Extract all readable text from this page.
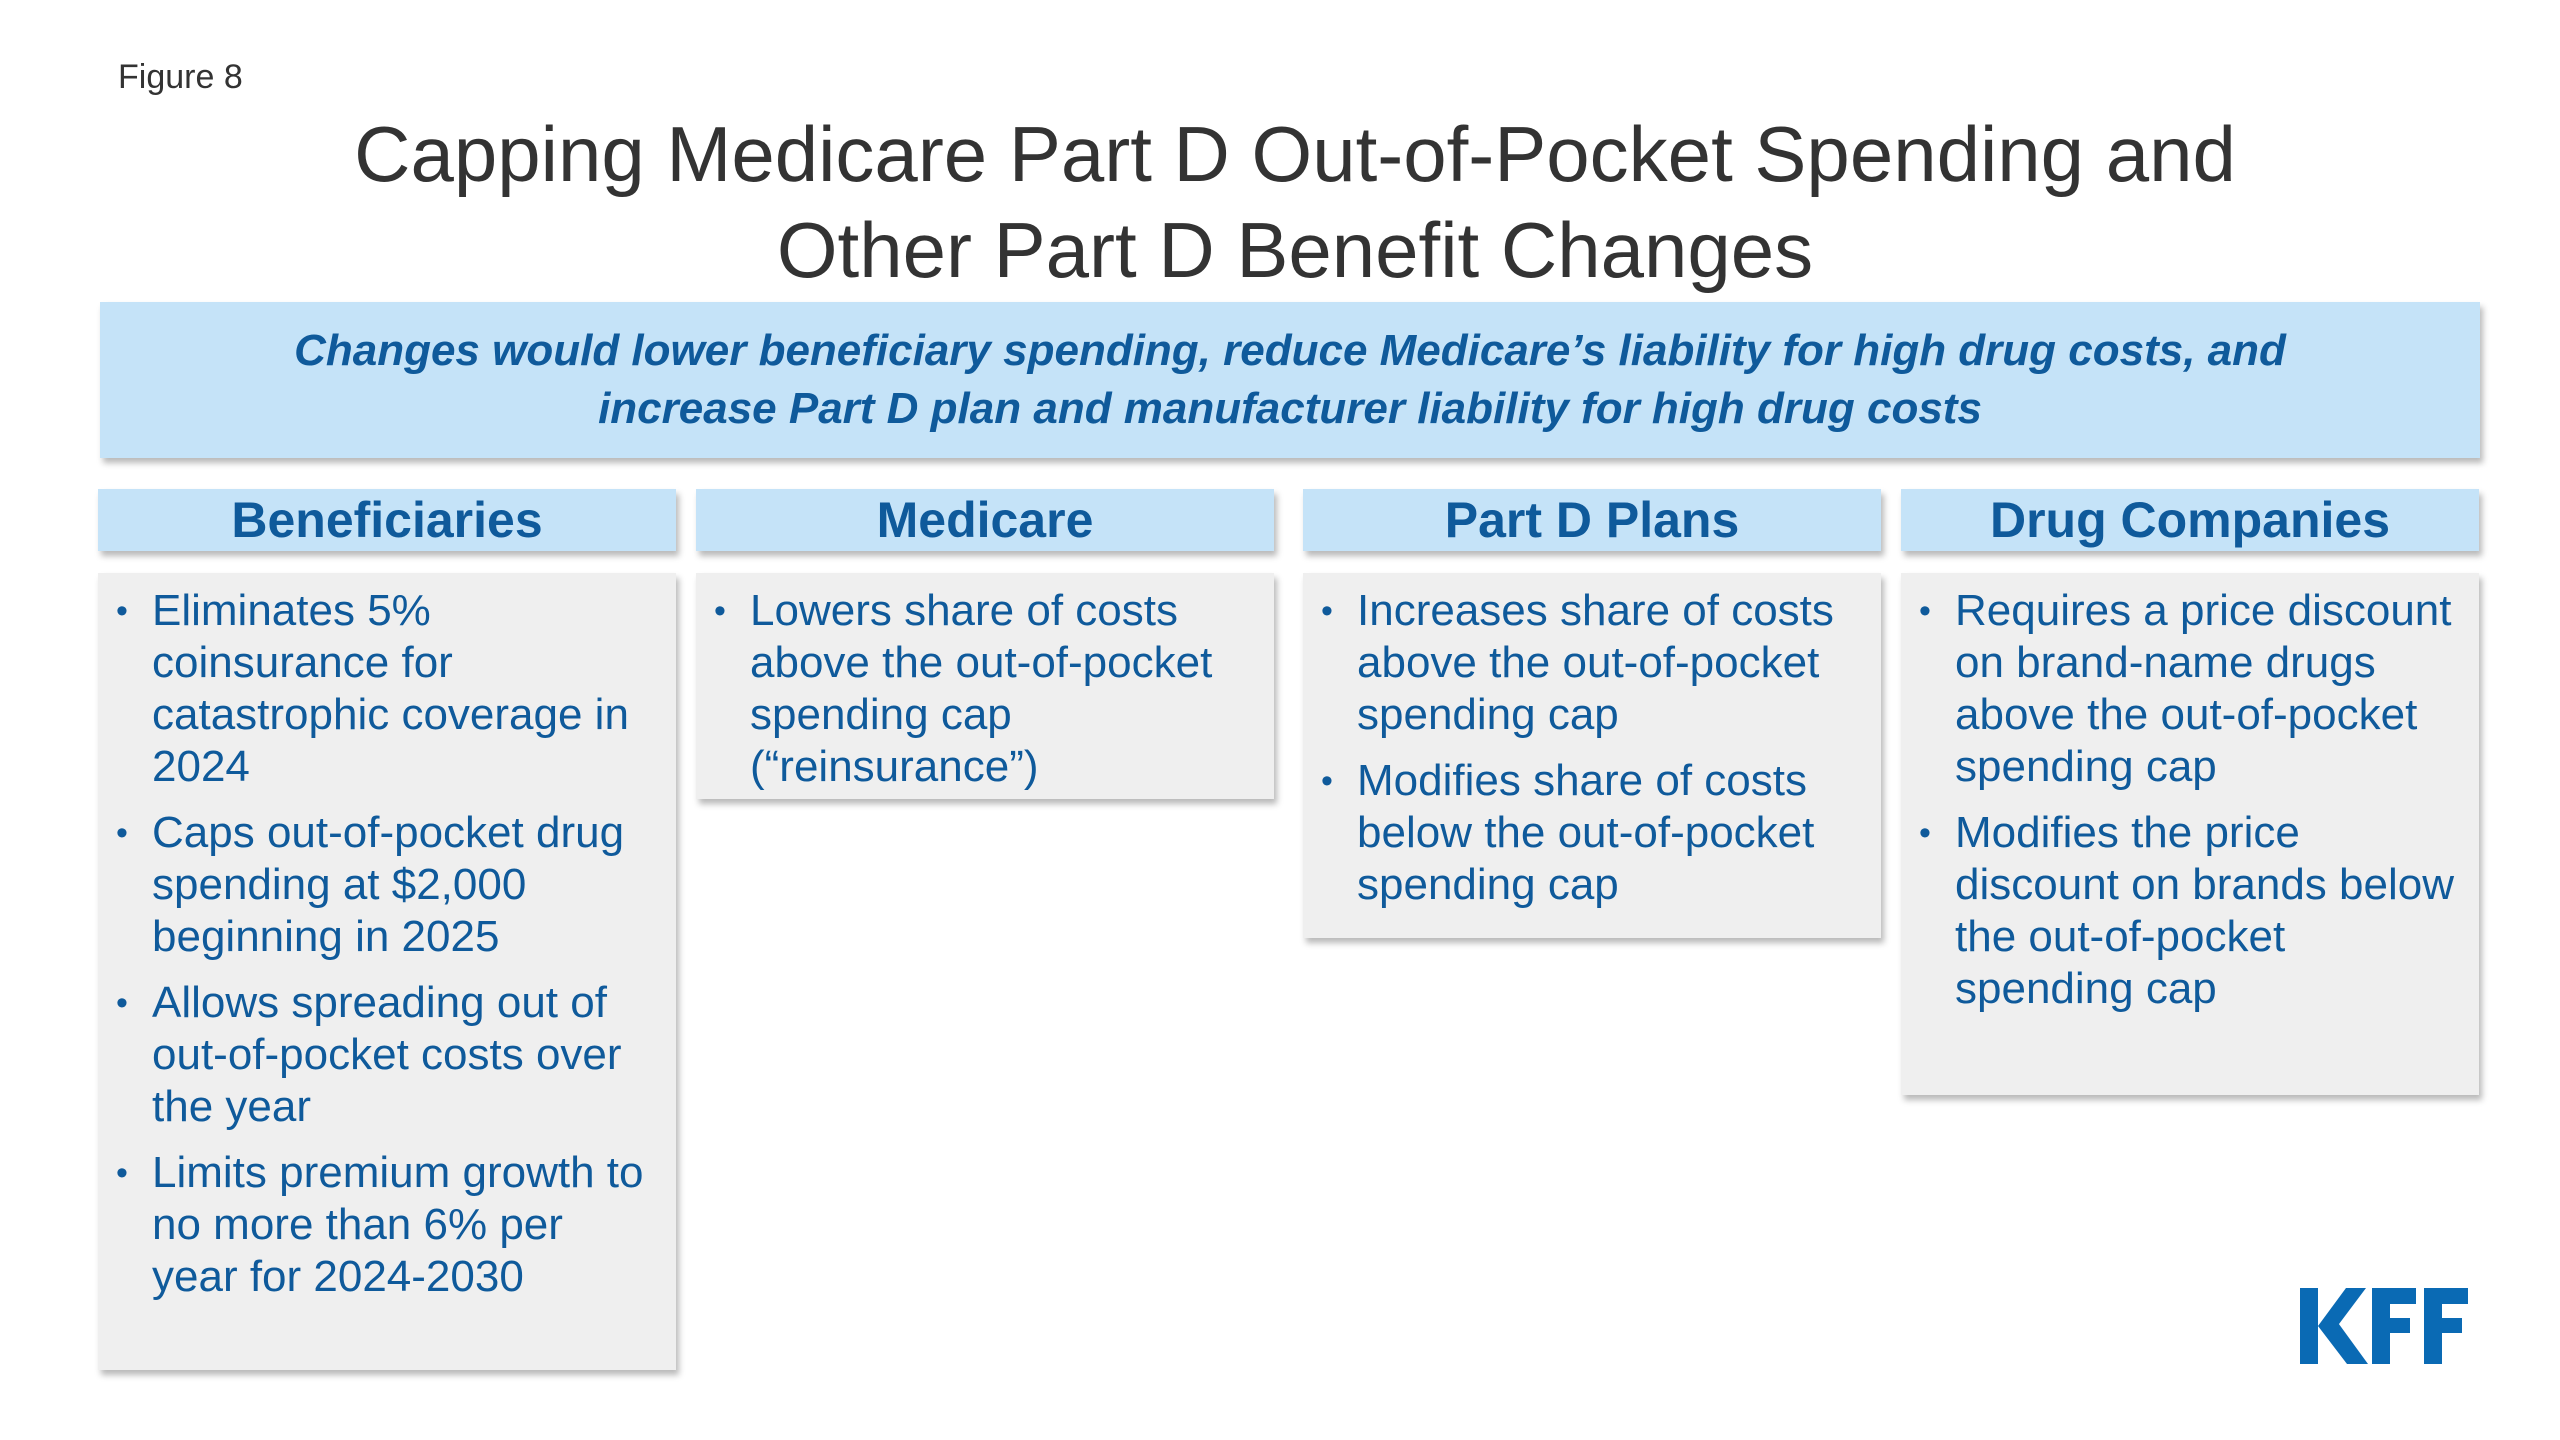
Figure 8
Capping Medicare Part D Out-of-Pocket Spending and
Other Part D Benefit Changes
Changes would lower beneficiary spending, reduce Medicare’s liability for high drug costs, and
increase Part D plan and manufacturer liability for high drug costs
Beneficiaries
• Eliminates 5% coinsurance for catastrophic coverage in 2024
• Caps out-of-pocket drug spending at $2,000 beginning in 2025
• Allows spreading out of out-of-pocket costs over the year
• Limits premium growth to no more than 6% per year for 2024-2030
Medicare
• Lowers share of costs above the out-of-pocket spending cap (“reinsurance”)
Part D Plans
• Increases share of costs above the out-of-pocket spending cap
• Modifies share of costs below the out-of-pocket spending cap
Drug Companies
• Requires a price discount on brand-name drugs above the out-of-pocket spending cap
• Modifies the price discount on brands below the out-of-pocket spending cap
